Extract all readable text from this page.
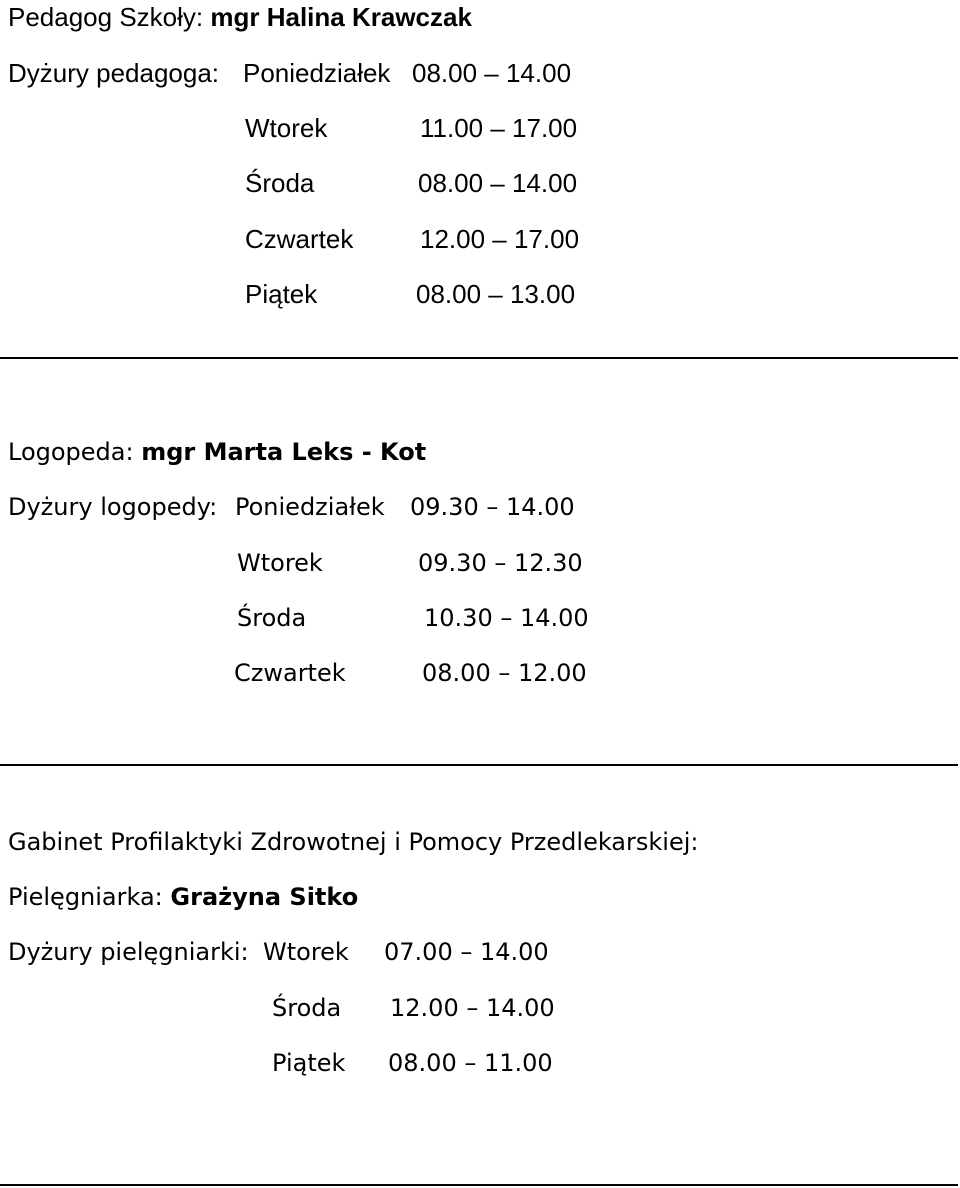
Pedagog Szkoły: mgr Halina Krawczak
Dyżury pedagoga: Poniedziałek 08.00 – 14.00
Wtorek	11.00 – 17.00
Środa	08.00 – 14.00
Czwartek	12.00 – 17.00
Piątek	08.00 – 13.00
Logopeda: mgr Marta Leks - Kot
Dyżury logopedy: Poniedziałek 09.30 – 14.00
Wtorek	09.30 – 12.30
Środa	10.30 – 14.00
Czwartek	08.00 – 12.00
Gabinet Profilaktyki Zdrowotnej i Pomocy Przedlekarskiej:
Pielęgniarka: Grażyna Sitko
Dyżury pielęgniarki: Wtorek 07.00 – 14.00
Środa 12.00 – 14.00
Piątek 08.00 – 11.00
